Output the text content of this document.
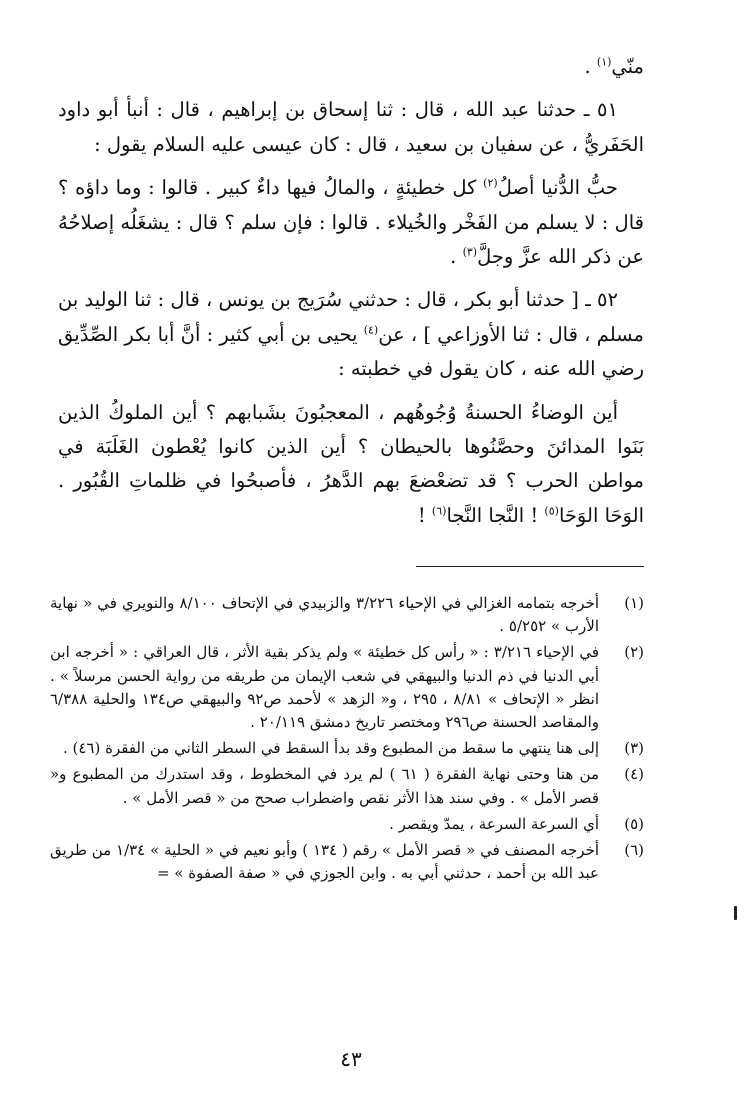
منّي$^{(١)}$ .

٥١ ـ حدثنا عبد الله ، قال : ثنا إسحاق بن إبراهيم ، قال : أنبأ أبو داود الحَفَريُّ ، عن سفيان بن سعيد ، قال : كان عيسى عليه السلام يقول :

حبُّ الدُّنيا أصلُ$^{(٢)}$ كل خطيئةٍ ، والمالُ فيها داءٌ كبير . قالوا : وما داؤه ؟ قال : لا يسلم من الفَخْر والخُيلاء . قالوا : فإن سلم ؟ قال : يشغَلُه إصلاحُهُ عن ذكر الله عزَّ وجلَّ$^{(٣)}$ .

٥٢ ـ [ حدثنا أبو بكر ، قال : حدثني سُرَيج بن يونس ، قال : ثنا الوليد بن مسلم ، قال : ثنا الأوزاعي ] ، عن$^{(٤)}$ يحيى بن أبي كثير : أنَّ أبا بكر الصِّدِّيق رضي الله عنه ، كان يقول في خطبته :

أين الوضاءُ الحسنةُ وُجُوهُهم ، المعجبُونَ بشَبابهم ؟ أين الملوكُ الذين بَنَوا المدائنَ وحصَّنُوها بالحيطان ؟ أين الذين كانوا يُعْطون الغَلَبَة في مواطن الحرب ؟ قد تضعْضعَ بهم الدَّهرُ ، فأصبحُوا في ظلماتِ القُبُور . الوَحَا الوَحَا$^{(٥)}$ ! النَّجا النَّجا$^{(٦)}$ !

(١)
أخرجه بتمامه الغزالي في الإحياء ٣/٢٢٦ والزبيدي في الإتحاف ٨/١٠٠ والنويري في « نهاية الأرب » ٥/٢٥٢ .
(٢)
في الإحياء ٣/٢١٦ : « رأس كل خطيئة » ولم يذكر بقية الأثر ، قال العراقي : « أخرجه ابن أبي الدنيا في ذم الدنيا والبيهقي في شعب الإيمان من طريقه من رواية الحسن مرسلاً » . انظر « الإتحاف » ٨/٨١ ، ٢٩٥ ، و« الزهد » لأحمد ص٩٢ والبيهقي ص١٣٤ والحلية ٦/٣٨٨ والمقاصد الحسنة ص٢٩٦ ومختصر تاريخ دمشق ٢٠/١١٩ .
(٣)
إلى هنا ينتهي ما سقط من المطبوع وقد بدأ السقط في السطر الثاني من الفقرة (٤٦) .
(٤)
من هنا وحتى نهاية الفقرة ( ٦١ ) لم يرد في المخطوط ، وقد استدرك من المطبوع و« قصر الأمل » . وفي سند هذا الأثر نقص واضطراب صحح من « قصر الأمل » .
(٥)
أي السرعة السرعة ، يمدّ ويقصر .
(٦)
أخرجه المصنف في « قصر الأمل » رقم ( ١٣٤ ) وأبو نعيم في « الحلية » ١/٣٤ من طريق عبد الله بن أحمد ، حدثني أبي به . وابن الجوزي في « صفة الصفوة » =
٤٣
